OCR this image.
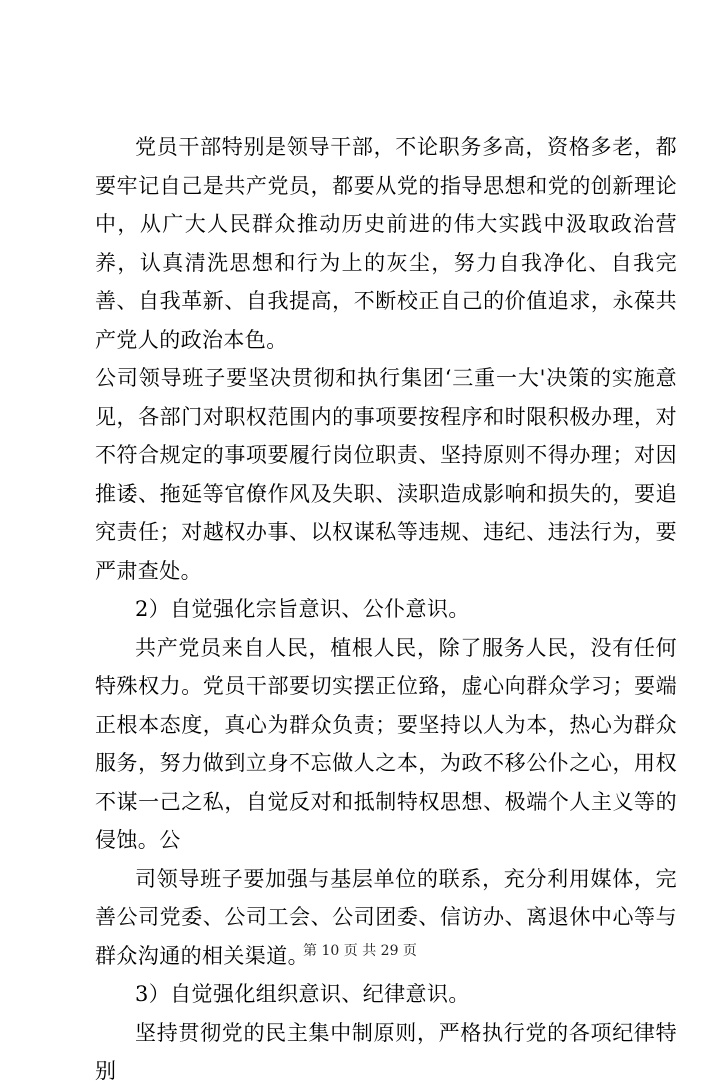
党员干部特别是领导干部，不论职务多高，资格多老，都要牢记自己是共产党员，都要从党的指导思想和党的创新理论中，从广大人民群众推动历史前进的伟大实践中汲取政治营养，认真清洗思想和行为上的灰尘，努力自我净化、自我完善、自我革新、自我提高，不断校正自己的价值追求，永葆共产党人的政治本色。

公司领导班子要坚决贯彻和执行集团‘三重一大'决策的实施意见，各部门对职权范围内的事项要按程序和时限积极办理，对不符合规定的事项要履行岗位职责、坚持原则不得办理；对因推诿、拖延等官僚作风及失职、渎职造成影响和损失的，要追究责任；对越权办事、以权谋私等违规、违纪、违法行为，要严肃查处。

2）自觉强化宗旨意识、公仆意识。

共产党员来自人民，植根人民，除了服务人民，没有任何特殊权力。党员干部要切实摆正位臵，虚心向群众学习；要端正根本态度，真心为群众负责；要坚持以人为本，热心为群众服务，努力做到立身不忘做人之本，为政不移公仆之心，用权不谋一己之私，自觉反对和抵制特权思想、极端个人主义等的侵蚀。公

司领导班子要加强与基层单位的联系，充分利用媒体，完善公司党委、公司工会、公司团委、信访办、离退休中心等与群众沟通的相关渠道。

3）自觉强化组织意识、纪律意识。

坚持贯彻党的民主集中制原则，严格执行党的各项纪律特别

第 10 页 共 29 页
